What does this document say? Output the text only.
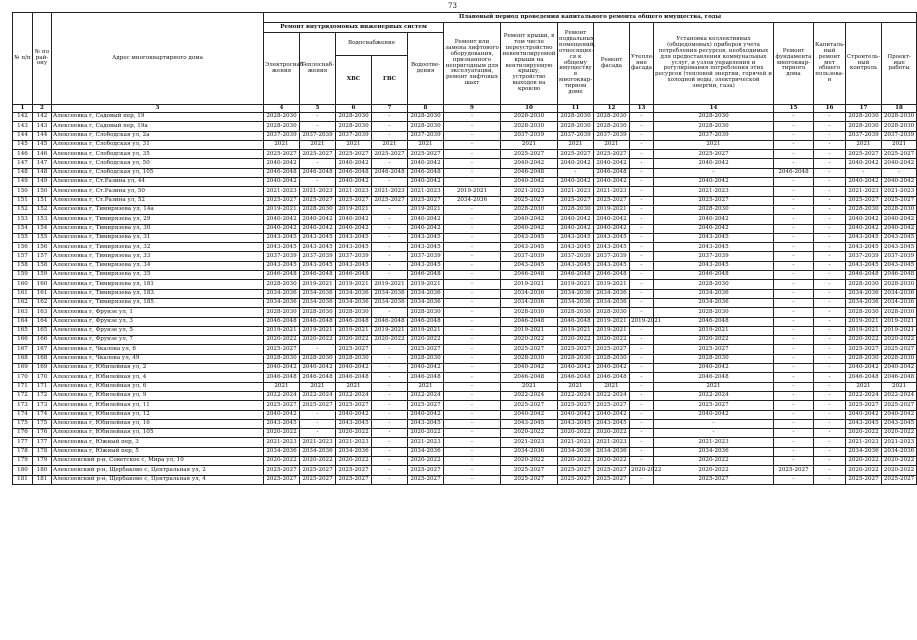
73
№ п/п	№ по рай-ону	Адрес многоквартирного дома	Плановый период проведения капитального ремонта общего имущества, годы														
			Ремонт внутридомовых инженерных систем					Ремонт или замена лифтового оборудования, признанного непригодным для эксплуатации, ремонт лифтовых шахт	Ремонт крыши, в том числе переустройство невентилируемой крыши на вентилируемую крышу, устройство выходов на кровлю	Ремонт подвальных помещений, относящих-ся к общему имуществу в многоквар-тирном доме	Ремонт фасада	Утепле-ние фасада	Установка коллективных (общедомовых) приборов учета потребления ресурсов, необходимых для предоставления коммунальных услуг, и узлов управления и регулирования потребления этих ресурсов (тепловой энергии, горячей и холодной воды, электрической энергии, газа)	Ремонт фундамента многоквар-тирного дома	Капиталь-ный ремонт мет общего пользова-н	Строитель-ный контроль	Проект-ные работы
			Электроснаб-жения	Теплоснаб-жения	Водоснабжение		Водоотве-дения										
					ХВС	ГВС											
1	2	3	4	5	6	7	8	9	10	11	12	13	14	15	16	17	18
142	142	Алексеевка г, Садовый пер, 19	2028-2030	-	2028-2030	-	2028-2030	-	2028-2030	2028-2030	2028-2030	-	2028-2030	-	-	2028-2030	2028-2030
143	143	Алексеевка г, Садовый пер, 19а	2028-2030	-	2028-2030	-	2028-2030	-	2028-2030	2028-2030	2028-2030	-	2028-2030	-	-	2028-2030	2028-2030
144	144	Алексеевка г, Слободская ул, 2а	2037-2039	2037-2039	2037-2039	-	2037-2039	-	2037-2039	2037-2039	2037-2039	-	2037-2039	-	-	2037-2039	2037-2039
145	145	Алексеевка г, Слободская ул, 31	2021	2021	2021	2021	2021	-	2021	2021	2021	-	2021	-	-	2021	2021
146	146	Алексеевка г, Слободская ул, 35	2025-2027	2025-2027	2025-2027	2025-2027	2025-2027	-	2025-2027	2025-2027	2025-2027	-	2025-2027	-	-	2025-2027	2025-2027
147	147	Алексеевка г, Слободская ул, 50	2040-2042	-	2040-2042	-	2040-2042	-	2040-2042	2040-2042	2040-2042	-	2040-2042	-	-	2040-2042	2040-2042
148	148	Алексеевка г, Слободская ул, 105	2046-2048	2046-2048	2046-2048	2046-2048	2046-2048	-	2046-2048	-	2046-2048	-	-	2046-2048	-	-	-
149	149	Алексеевка г, Ст.Разина ул, 44	2040-2042	-	2040-2042	-	2040-2042	-	2040-2042	2040-2042	2040-2042	-	2040-2042	-	-	2040-2042	2040-2042
150	150	Алексеевка г, Ст.Разина ул, 50	2021-2023	2021-2023	2021-2023	2021-2023	2021-2023	2019-2021	2021-2023	2021-2023	2021-2023	-	2021-2023	-	-	2021-2023	2021-2023
151	151	Алексеевка г, Ст.Разина ул, 52	2025-2027	2025-2027	2025-2027	2025-2027	2025-2027	2034-2036	2025-2027	2025-2027	2025-2027	-	2025-2027	-	-	2025-2027	2025-2027
152	152	Алексеевка г, Тимирязева ул, 14а	2019-2021	2028-2030	2019-2021	-	2019-2021	-	2028-2030	2028-2030	2019-2021	-	2028-2030	-	-	2028-2030	2028-2030
153	153	Алексеевка г, Тимирязева ул, 29	2040-2042	2040-2042	2040-2042	-	2040-2042	-	2040-2042	2040-2042	2040-2042	-	2040-2042	-	-	2040-2042	2040-2042
154	154	Алексеевка г, Тимирязева ул, 30	2040-2042	2040-2042	2040-2042	-	2040-2042	-	2040-2042	2040-2042	2040-2042	-	2040-2042	-	-	2040-2042	2040-2042
155	155	Алексеевка г, Тимирязева ул, 31	2043-2045	2043-2045	2043-2045	-	2043-2045	-	2043-2045	2043-2045	2043-2045	-	2043-2045	-	-	2043-2045	2043-2045
156	156	Алексеевка г, Тимирязева ул, 32	2043-2045	2043-2045	2043-2045	-	2043-2045	-	2043-2045	2043-2045	2043-2045	-	2043-2045	-	-	2043-2045	2043-2045
157	157	Алексеевка г, Тимирязева ул, 33	2037-2039	2037-2039	2037-2039	-	2037-2039	-	2037-2039	2037-2039	2037-2039	-	2037-2039	-	-	2037-2039	2037-2039
158	158	Алексеевка г, Тимирязева ул, 34	2043-2045	2043-2045	2043-2045	-	2043-2045	-	2043-2045	2043-2045	2043-2045	-	2043-2045	-	-	2043-2045	2043-2045
159	159	Алексеевка г, Тимирязева ул, 35	2046-2048	2046-2048	2046-2048	-	2046-2048	-	2046-2048	2046-2048	2046-2048	-	2046-2048	-	-	2046-2048	2046-2048
160	160	Алексеевка г, Тимирязева ул, 181	2028-2030	2019-2021	2019-2021	2019-2021	2019-2021	-	2019-2021	2019-2021	2019-2021	-	2028-2030	-	-	2028-2030	2028-2030
161	161	Алексеевка г, Тимирязева ул, 183	2034-2036	2034-2036	2034-2036	2034-2036	2034-2036	-	2034-2036	2034-2036	2034-2036	-	2034-2036	-	-	2034-2036	2034-2036
162	162	Алексеевка г, Тимирязева ул, 185	2034-2036	2034-2036	2034-2036	2034-2036	2034-2036	-	2034-2036	2034-2036	2034-2036	-	2034-2036	-	-	2034-2036	2034-2036
163	163	Алексеевка г, Фрунзе ул, 1	2028-2030	2028-2030	2028-2030	-	2028-2030	-	2028-2030	2028-2030	2028-2030	-	2028-2030	-	-	2028-2030	2028-2030
164	164	Алексеевка г, Фрунзе ул, 3	2046-2048	2046-2048	2046-2048	2046-2048	2046-2048	-	2046-2048	2046-2048	2019-2021	2019-2021	2046-2048	-	-	2019-2021	2019-2021
165	165	Алексеевка г, Фрунзе ул, 5	2019-2021	2019-2021	2019-2021	2019-2021	2019-2021	-	2019-2021	2019-2021	2019-2021	-	2019-2021	-	-	2019-2021	2019-2021
166	166	Алексеевка г, Фрунзе ул, 7	2020-2022	2020-2022	2020-2022	2020-2022	2020-2022	-	2020-2022	2020-2022	2020-2022	-	2020-2022	-	-	2020-2022	2020-2022
167	167	Алексеевка г, Чкалова ул, 6	2025-2027	-	2025-2027	-	2025-2027	-	2025-2027	2025-2027	2025-2027	-	2025-2027	-	-	2025-2027	2025-2027
168	168	Алексеевка г, Чкалова ул, 49	2028-2030	2028-2030	2028-2030	-	2028-2030	-	2028-2030	2028-2030	2028-2030	-	2028-2030	-	-	2028-2030	2028-2030
169	169	Алексеевка г, Юбилейная ул, 2	2040-2042	2040-2042	2040-2042	-	2040-2042	-	2040-2042	2040-2042	2040-2042	-	2040-2042	-	-	2040-2042	2040-2042
170	170	Алексеевка г, Юбилейная ул, 4	2046-2048	2046-2048	2046-2048	-	2046-2048	-	2046-2048	2046-2048	2046-2048	-	2046-2048	-	-	2046-2048	2046-2048
171	171	Алексеевка г, Юбилейная ул, 6	2021	2021	2021	-	2021	-	2021	2021	2021	-	2021	-	-	2021	2021
172	172	Алексеевка г, Юбилейная ул, 9	2022-2024	2022-2024	2022-2024	-	2022-2024	-	2022-2024	2022-2024	2022-2024	-	2022-2024	-	-	2022-2024	2022-2024
173	173	Алексеевка г, Юбилейная ул, 11	2025-2027	2025-2027	2025-2027	-	2025-2027	-	2025-2027	2025-2027	2025-2027	-	2025-2027	-	-	2025-2027	2025-2027
174	174	Алексеевка г, Юбилейная ул, 12	2040-2042	-	2040-2042	-	2040-2042	-	2040-2042	2040-2042	2040-2042	-	2040-2042	-	-	2040-2042	2040-2042
175	175	Алексеевка г, Юбилейная ул, 16	2043-2045	-	2043-2045	-	2043-2045	-	2043-2045	2043-2045	2043-2045	-	-	-	-	2043-2045	2043-2045
176	176	Алексеевка г, Юбилейная ул, 105	2020-2022	-	2020-2022	-	2020-2022	-	2020-2022	2020-2022	2020-2022	-	-	-	-	2020-2022	2020-2022
177	177	Алексеевка г, Южный пер, 3	2021-2023	2021-2023	2021-2023	-	2021-2023	-	2021-2023	2021-2023	2021-2023	-	2021-2023	-	-	2021-2023	2021-2023
178	178	Алексеевка г, Южный пер, 5	2034-2036	2034-2036	2034-2036	-	2034-2036	-	2034-2036	2034-2036	2034-2036	-	2034-2036	-	-	2034-2036	2034-2036
179	179	Алексеевский р-н, Советское с, Мира ул, 10	2020-2022	2020-2022	2020-2022	-	2020-2022	-	2020-2022	2020-2022	2020-2022	-	2020-2022	-	-	2020-2022	2020-2022
180	180	Алексеевский р-н, Щербаково с, Центральная ул, 2	2025-2027	2025-2027	2025-2027	-	2025-2027	-	2025-2027	2025-2027	2025-2027	2020-2022	2020-2022	2025-2027	-	2020-2022	2020-2022
181	181	Алексеевский р-н, Щербаково с, Центральная ул, 4	2025-2027	2025-2027	2025-2027	-	2025-2027	-	2025-2027	2025-2027	2025-2027	-	2025-2027	-	-	2025-2027	2025-2027
